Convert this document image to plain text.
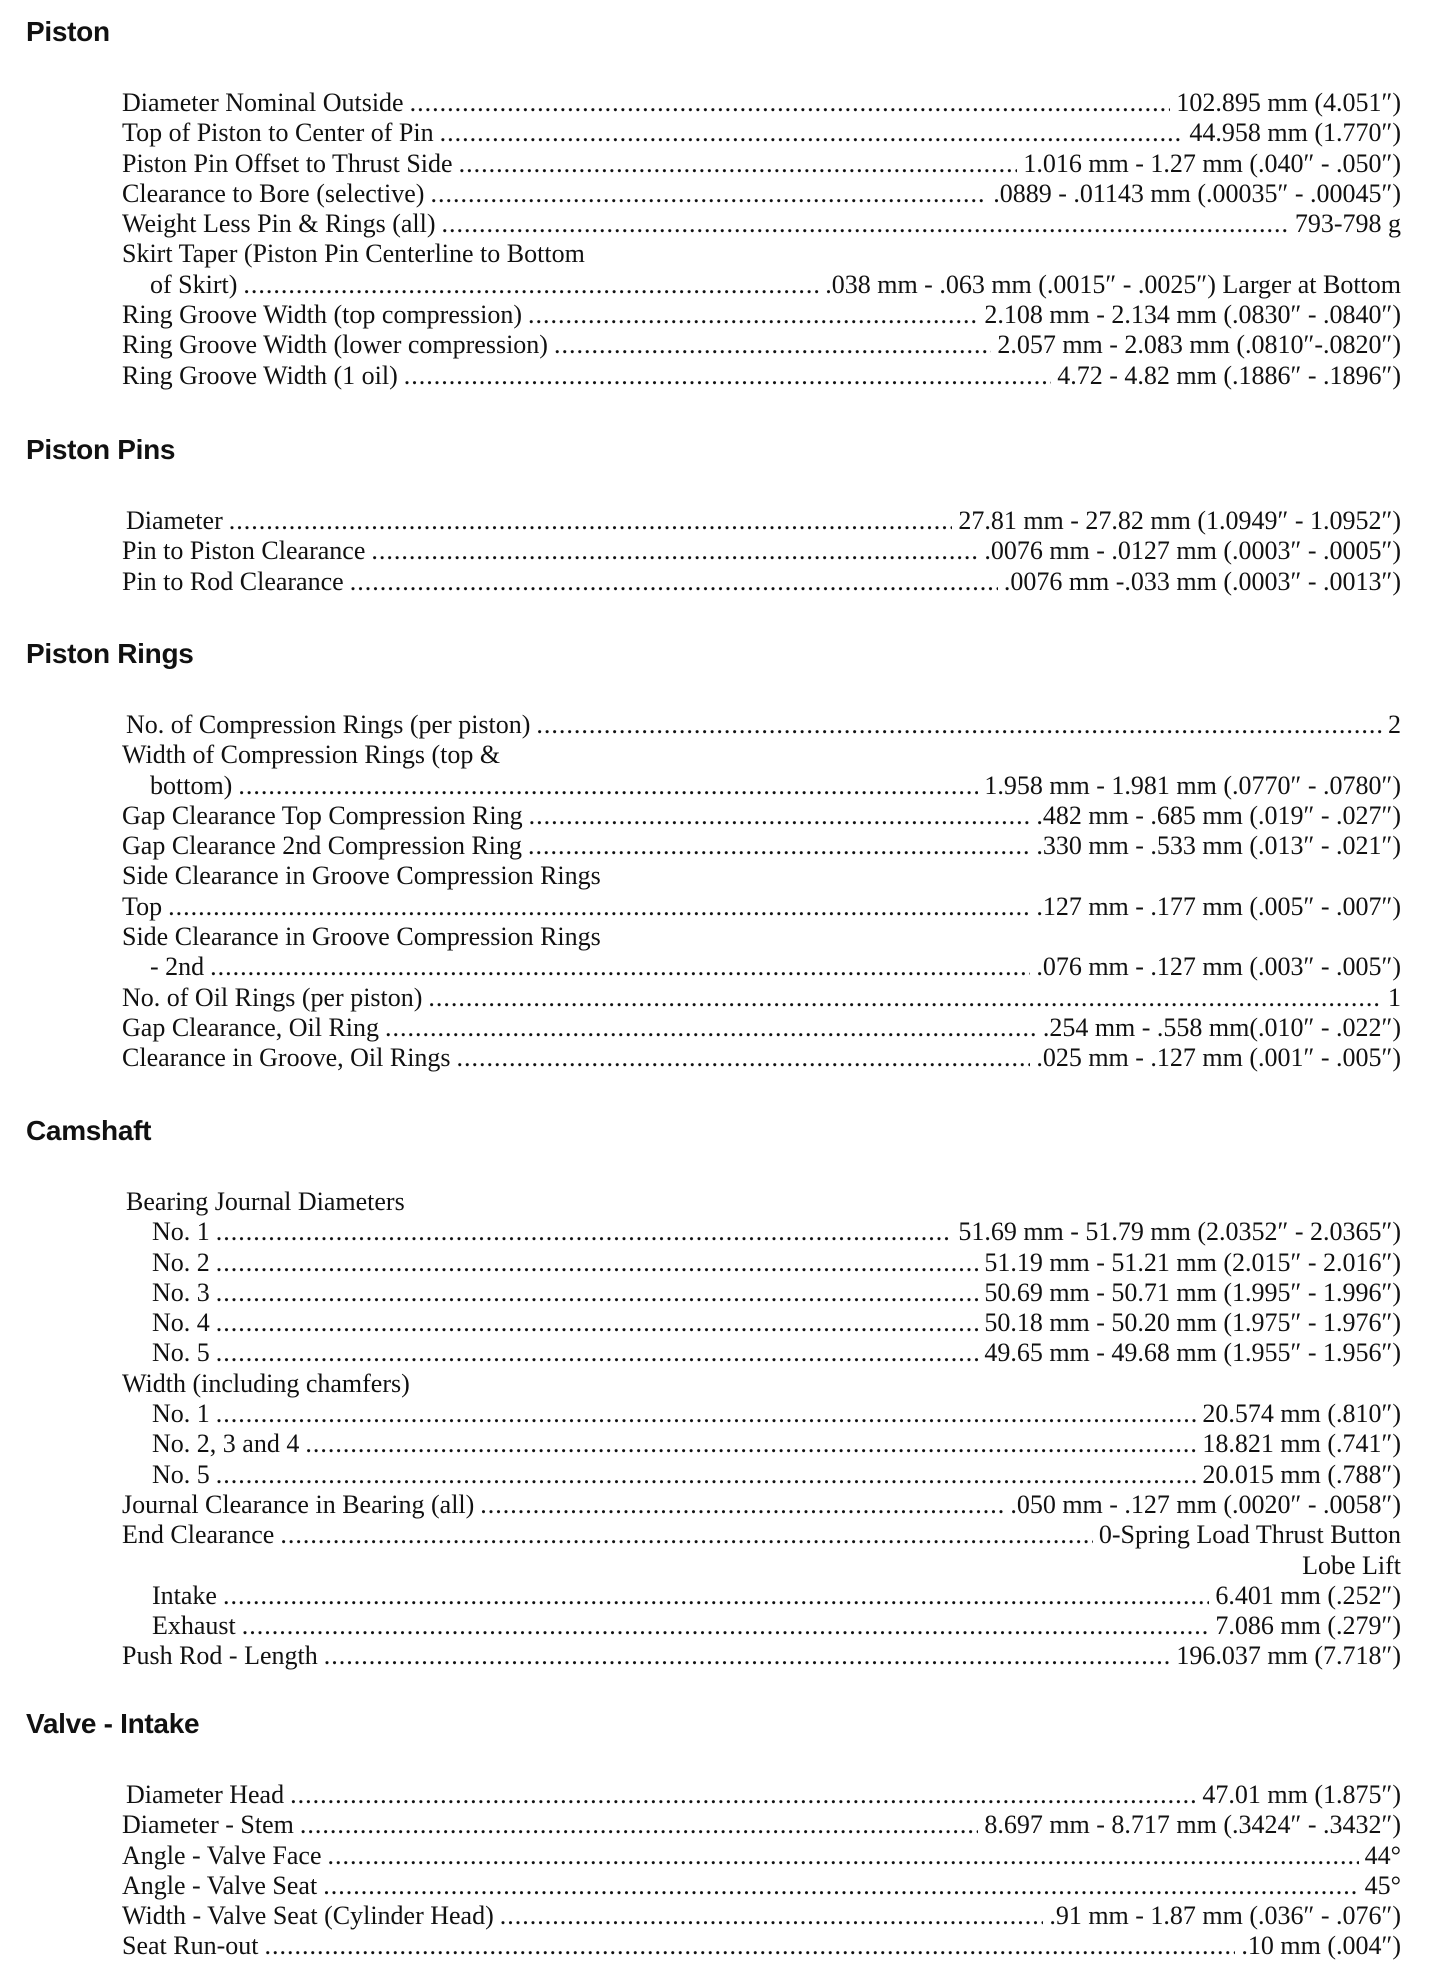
Piston
Diameter Nominal Outside .....	102.895 mm (4.051″)
Top of Piston to Center of Pin .....	44.958 mm (1.770″)
Piston Pin Offset to Thrust Side .....	1.016 mm - 1.27 mm (.040″ - .050″)
Clearance to Bore (selective) .....	.0889 - .01143 mm (.00035″ - .00045″)
Weight Less Pin & Rings (all) .....	793-798 g
Skirt Taper (Piston Pin Centerline to Bottom
of Skirt) .....	.038 mm - .063 mm (.0015″ - .0025″) Larger at Bottom
Ring Groove Width (top compression) .....	2.108 mm - 2.134 mm (.0830″ - .0840″)
Ring Groove Width (lower compression) .....	2.057 mm - 2.083 mm (.0810″-.0820″)
Ring Groove Width (1 oil) .....	4.72 - 4.82 mm (.1886″ - .1896″)
Piston Pins
Diameter .....	27.81 mm - 27.82 mm (1.0949″ - 1.0952″)
Pin to Piston Clearance .....	.0076 mm - .0127 mm (.0003″ - .0005″)
Pin to Rod Clearance .....	.0076 mm -.033 mm (.0003″ - .0013″)
Piston Rings
No. of Compression Rings (per piston) .....	2
Width of Compression Rings (top &
bottom) .....	1.958 mm - 1.981 mm (.0770″ - .0780″)
Gap Clearance Top Compression Ring .....	.482 mm - .685 mm (.019″ - .027″)
Gap Clearance 2nd Compression Ring .....	.330 mm - .533 mm (.013″ - .021″)
Side Clearance in Groove Compression Rings
Top .....	.127 mm - .177 mm (.005″ - .007″)
Side Clearance in Groove Compression Rings
- 2nd .....	.076 mm - .127 mm (.003″ - .005″)
No. of Oil Rings (per piston) .....	1
Gap Clearance, Oil Ring .....	.254 mm - .558 mm(.010″ - .022″)
Clearance in Groove, Oil Rings .....	.025 mm - .127 mm (.001″ - .005″)
Camshaft
Bearing Journal Diameters
No. 1 .....	51.69 mm - 51.79 mm (2.0352″ - 2.0365″)
No. 2 .....	51.19 mm - 51.21 mm (2.015″ - 2.016″)
No. 3 .....	50.69 mm - 50.71 mm (1.995″ - 1.996″)
No. 4 .....	50.18 mm - 50.20 mm (1.975″ - 1.976″)
No. 5 .....	49.65 mm - 49.68 mm (1.955″ - 1.956″)
Width (including chamfers)
No. 1 .....	20.574 mm (.810″)
No. 2, 3 and 4 .....	18.821 mm (.741″)
No. 5 .....	20.015 mm (.788″)
Journal Clearance in Bearing (all) .....	.050 mm - .127 mm (.0020″ - .0058″)
End Clearance .....	0-Spring Load Thrust Button
Lobe Lift
Intake .....	6.401 mm (.252″)
Exhaust .....	7.086 mm (.279″)
Push Rod - Length .....	196.037 mm (7.718″)
Valve - Intake
Diameter Head .....	47.01 mm (1.875″)
Diameter - Stem .....	8.697 mm - 8.717 mm (.3424″ - .3432″)
Angle - Valve Face .....	44°
Angle - Valve Seat .....	45°
Width - Valve Seat (Cylinder Head) .....	.91 mm - 1.87 mm (.036″ - .076″)
Seat Run-out .....	.10 mm (.004″)
